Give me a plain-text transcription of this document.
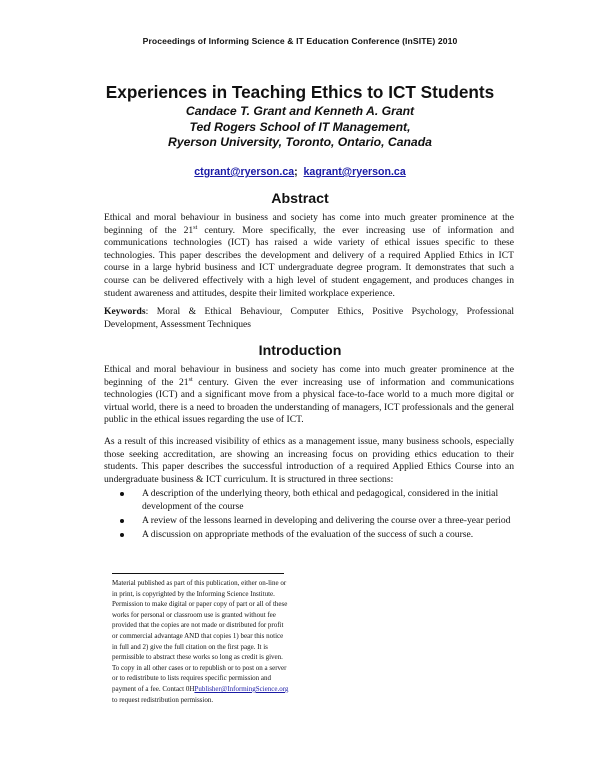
Proceedings of Informing Science & IT Education Conference (InSITE) 2010
Experiences in Teaching Ethics to ICT Students
Candace T. Grant and Kenneth A. Grant
Ted Rogers School of IT Management,
Ryerson University, Toronto, Ontario, Canada
ctgrant@ryerson.ca; kagrant@ryerson.ca
Abstract

Ethical and moral behaviour in business and society has come into much greater prominence at the beginning of the 21st century. More specifically, the ever increasing use of information and communications technologies (ICT) has raised a wide variety of ethical issues specific to these technologies. This paper describes the development and delivery of a required Applied Ethics in ICT course in a large hybrid business and ICT undergraduate degree program. It demonstrates that such a course can be delivered effectively with a high level of student engagement, and produces changes in student awareness and attitudes, despite their limited workplace experience.

Keywords: Moral & Ethical Behaviour, Computer Ethics, Positive Psychology, Professional Development, Assessment Techniques

Introduction

Ethical and moral behaviour in business and society has come into much greater prominence at the beginning of the 21st century. Given the ever increasing use of information and communications technologies (ICT) and a significant move from a physical face-to-face world to a much more digital or virtual world, there is a need to broaden the understanding of managers, ICT professionals and the general public in the ethical issues regarding the use of ICT.

As a result of this increased visibility of ethics as a management issue, many business schools, especially those seeking accreditation, are showing an increasing focus on providing ethics education to their students. This paper describes the successful introduction of a required Applied Ethics Course into an undergraduate business & ICT curriculum. It is structured in three sections:

A description of the underlying theory, both ethical and pedagogical, considered in the initial development of the course
A review of the lessons learned in developing and delivering the course over a three-year period
A discussion on appropriate methods of the evaluation of the success of such a course.

Material published as part of this publication, either on-line or in print, is copyrighted by the Informing Science Institute. Permission to make digital or paper copy of part or all of these works for personal or classroom use is granted without fee provided that the copies are not made or distributed for profit or commercial advantage AND that copies 1) bear this notice in full and 2) give the full citation on the first page. It is permissible to abstract these works so long as credit is given. To copy in all other cases or to republish or to post on a server or to redistribute to lists requires specific permission and payment of a fee. Contact 0HPublisher@InformingScience.org to request redistribution permission.
